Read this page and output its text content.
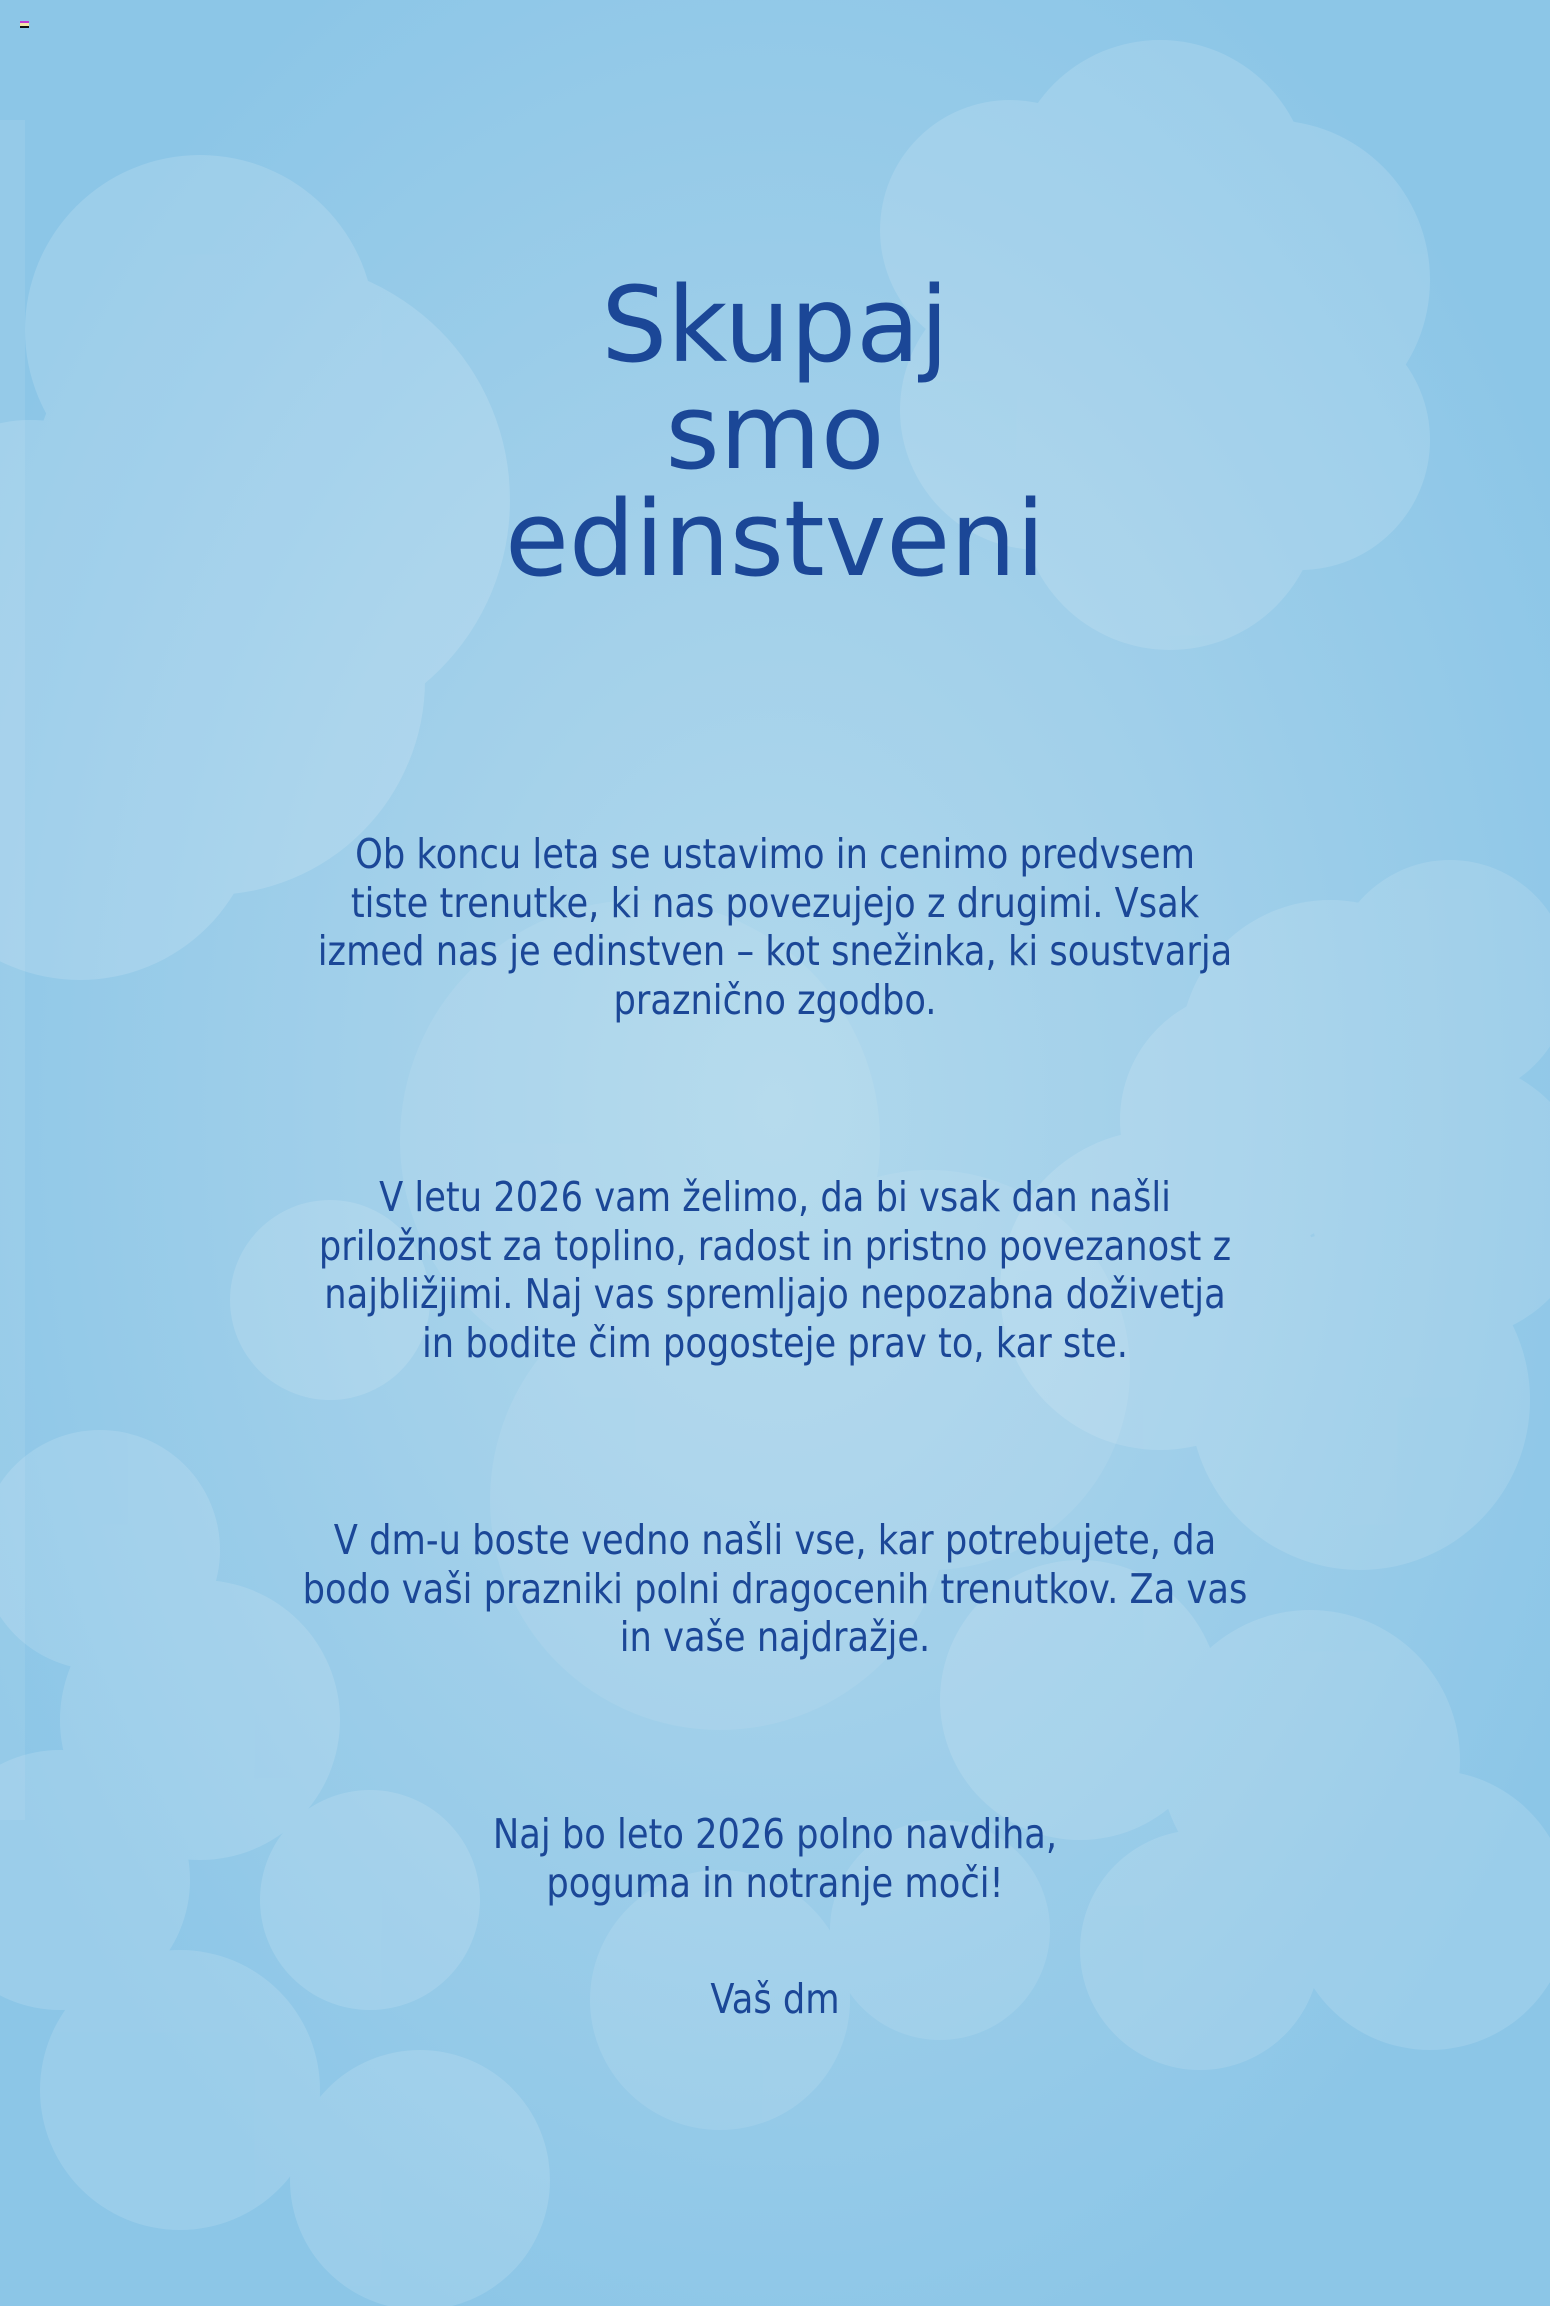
Skupaj
smo
edinstveni
Ob koncu leta se ustavimo in cenimo predvsem
tiste trenutke, ki nas povezujejo z drugimi. Vsak
izmed nas je edinstven – kot snežinka, ki soustvarja
praznično zgodbo.
V letu 2026 vam želimo, da bi vsak dan našli
priložnost za toplino, radost in pristno povezanost z
najbližjimi. Naj vas spremljajo nepozabna doživetja
in bodite čim pogosteje prav to, kar ste.
V dm-u boste vedno našli vse, kar potrebujete, da
bodo vaši prazniki polni dragocenih trenutkov. Za vas
in vaše najdražje.
Naj bo leto 2026 polno navdiha,
poguma in notranje moči!
Vaš dm
